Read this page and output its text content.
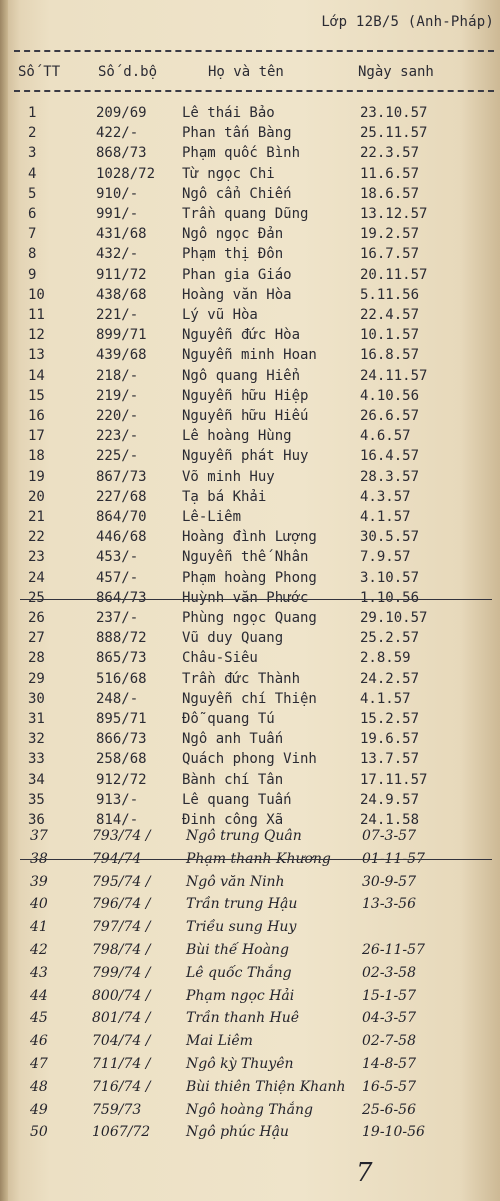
Lớp 12B/5 (Anh-Pháp)
Số TT	Số d.bộ	Họ và tên	Ngày sanh
1	209/69	Lê thái Bảo	23.10.57
2	422/-	Phan tấn Bàng	25.11.57
3	868/73	Phạm quốc Bình	22.3.57
4	1028/72 Từ ngọc Chi	11.6.57
5	910/-	Ngô cẩn Chiến	18.6.57
6	991/-	Trần quang Dũng	13.12.57
7	431/68	Ngô ngọc Đản	19.2.57
8	432/-	Phạm thị Đôn	16.7.57
9	911/72	Phan gia Giáo	20.11.57
10	438/68	Hoàng văn Hòa	5.11.56
11	221/-	Lý vũ Hòa	22.4.57
12	899/71	Nguyễn đức Hòa	10.1.57
13	439/68	Nguyễn minh Hoan	16.8.57
14	218/-	Ngô quang Hiển	24.11.57
15	219/-	Nguyễn hữu Hiệp	4.10.56
16	220/-	Nguyễn hữu Hiếu	26.6.57
17	223/-	Lê hoàng Hùng	4.6.57
18	225/-	Nguyễn phát Huy	16.4.57
19	867/73	Võ minh Huy	28.3.57
20	227/68	Tạ bá Khải	4.3.57
21	864/70	Lê-Liêm	4.1.57
22	446/68	Hoàng đình Lượng	30.5.57
23	453/-	Nguyễn thế Nhân	7.9.57
24	457/-	Phạm hoàng Phong	3.10.57
25	864/73	Huỳnh văn Phước	1.10.56
26	237/-	Phùng ngọc Quang	29.10.57
27	888/72	Vũ duy Quang	25.2.57
28	865/73	Châu-Siêu	2.8.59
29	516/68	Trần đức Thành	24.2.57
30	248/-	Nguyễn chí Thiện	4.1.57
31	895/71	Đỗ quang Tú	15.2.57
32	866/73	Ngô anh Tuấn	19.6.57
33	258/68	Quách phong Vinh	13.7.57
34	912/72	Bành chí Tân	17.11.57
35	913/-	Lê quang Tuấn	24.9.57
36	814/-	Đinh công Xã	24.1.58
37	793/74 /	Ngô trung Quân	07-3-57
38	794/74	Phạm thanh Khương 01-11-57
39	795/74 /	Ngô văn Ninh	30-9-57
40	796/74 /	Trần trung Hậu	13-3-56
41	797/74 /	Triều sung Huy
42	798/74 /	Bùi thế Hoàng	26-11-57
43	799/74 /	Lê quốc Thắng	02-3-58
44	800/74 /	Phạm ngọc Hải	15-1-57
45	801/74 /	Trần thanh Huê	04-3-57
46	704/74 /	Mai Liêm	02-7-58
47	711/74 /	Ngô kỳ Thuyên	14-8-57
48	716/74 /	Bùi thiên Thiện Khanh 16-5-57
49	759/73	Ngô hoàng Thắng	25-6-56
50	1067/72	Ngô phúc Hậu	19-10-56
7
